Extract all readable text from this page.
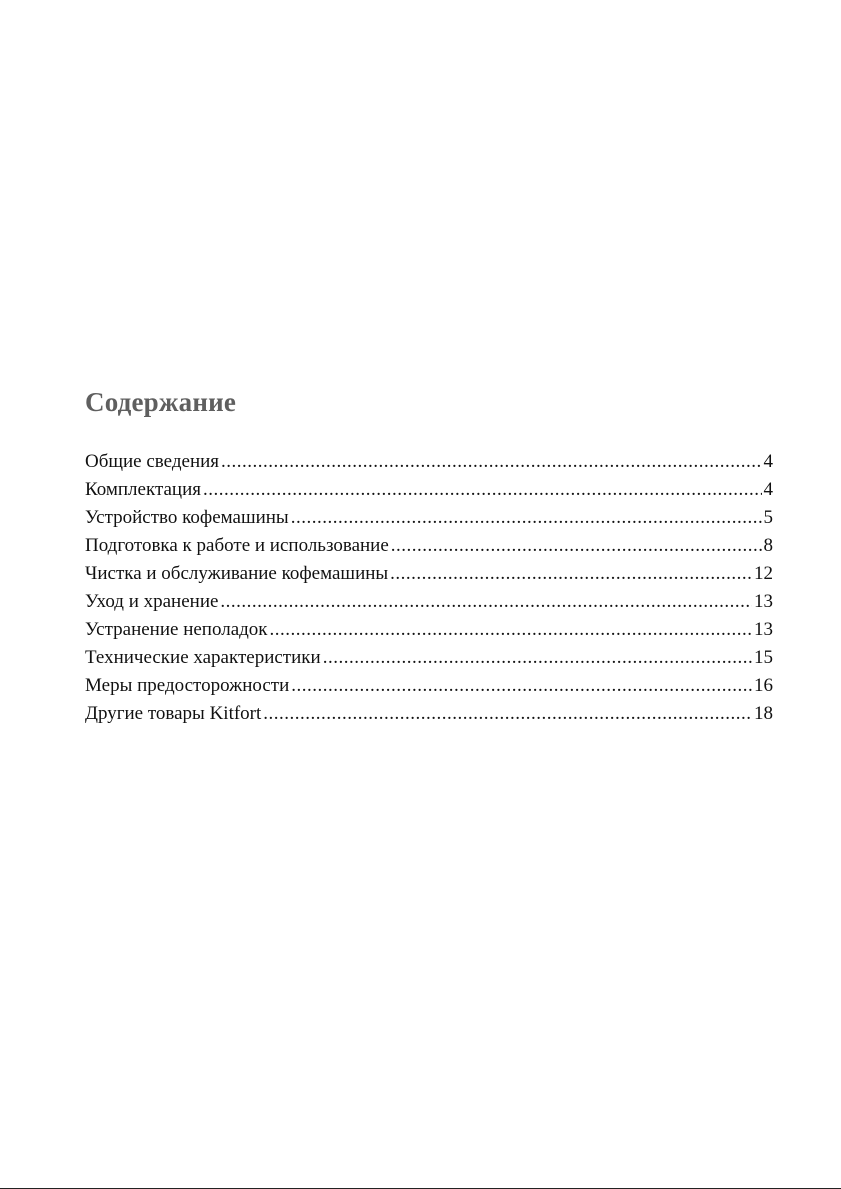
Содержание
Общие сведения .....	4
Комплектация .....	4
Устройство кофемашины .....	5
Подготовка к работе и использование .....	8
Чистка и обслуживание кофемашины .....	12
Уход и хранение .....	13
Устранение неполадок .....	13
Технические характеристики .....	15
Меры предосторожности .....	16
Другие товары Kitfort .....	18
